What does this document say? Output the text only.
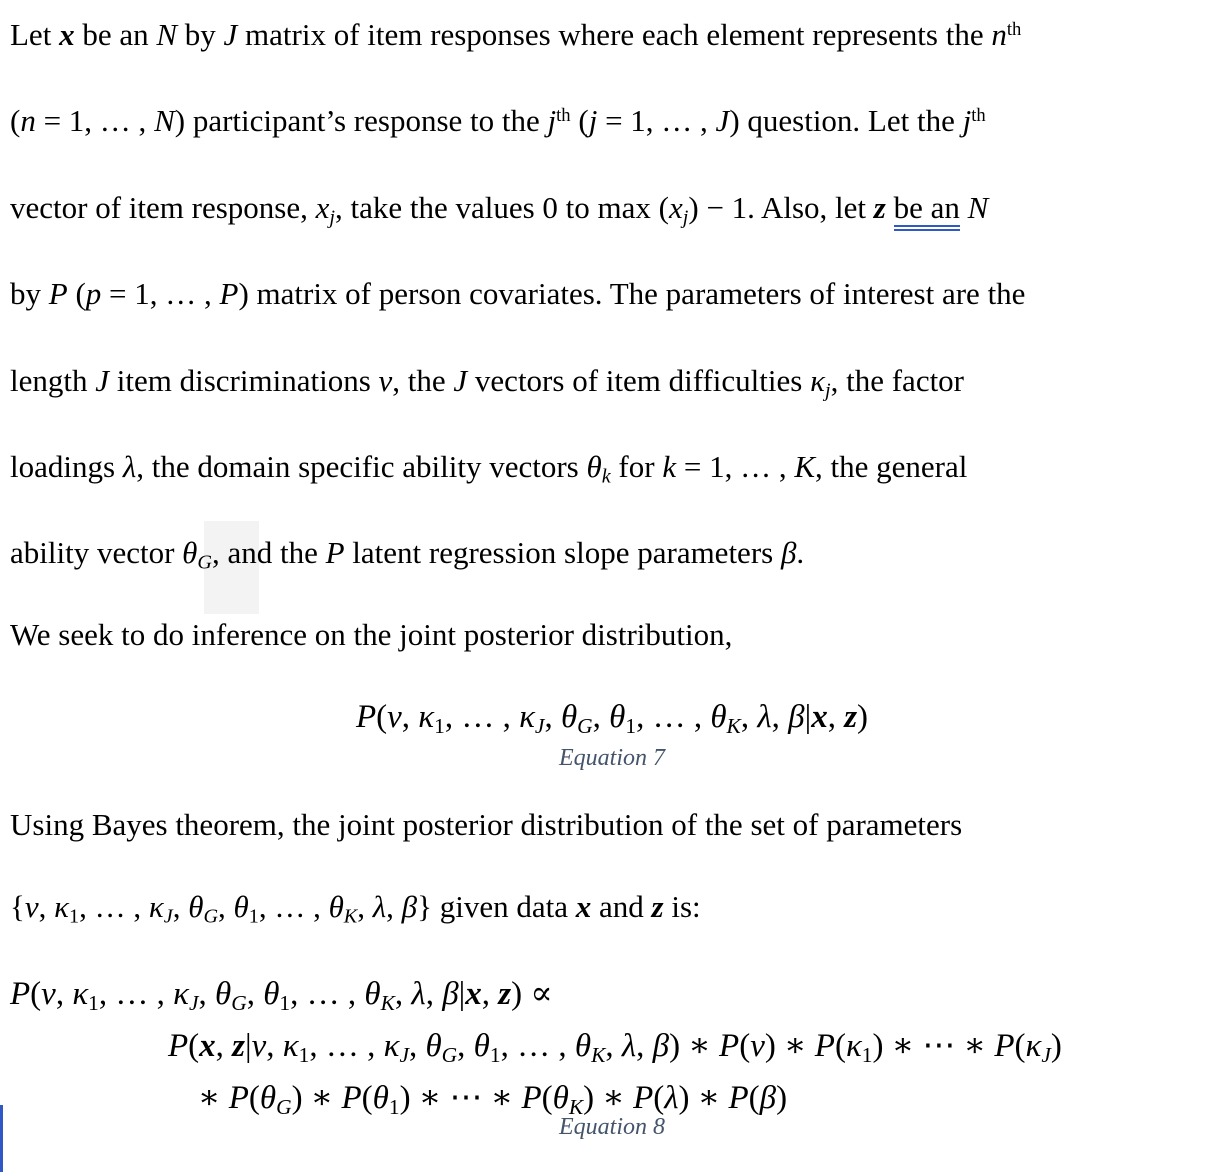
Let x be an N by J matrix of item responses where each element represents the $n^{th}$
(n = 1, … , N) participant’s response to the $j^{th}$ (j = 1, … , J) question. Let the $j^{th}$
vector of item response, xj, take the values 0 to max (xj) − 1. Also, let z be an N
by P (p = 1, … , P) matrix of person covariates. The parameters of interest are the
length J item discriminations ν, the J vectors of item difficulties κj, the factor
loadings λ, the domain specific ability vectors θk for k = 1, … , K, the general
ability vector θG, and the P latent regression slope parameters β.
We seek to do inference on the joint posterior distribution,
P(ν, κ1, … , κJ, θG, θ1, … , θK, λ, β|x, z)
Equation 7
Using Bayes theorem, the joint posterior distribution of the set of parameters
{ν, κ1, … , κJ, θG, θ1, … , θK, λ, β} given data x and z is:
P(ν, κ1, … , κJ, θG, θ1, … , θK, λ, β|x, z) ∝
P(x, z|ν, κ1, … , κJ, θG, θ1, … , θK, λ, β) ∗ P(ν) ∗ P(κ1) ∗ ⋯ ∗ P(κJ)
∗ P(θG) ∗ P(θ1) ∗ ⋯ ∗ P(θK) ∗ P(λ) ∗ P(β)
Equation 8
